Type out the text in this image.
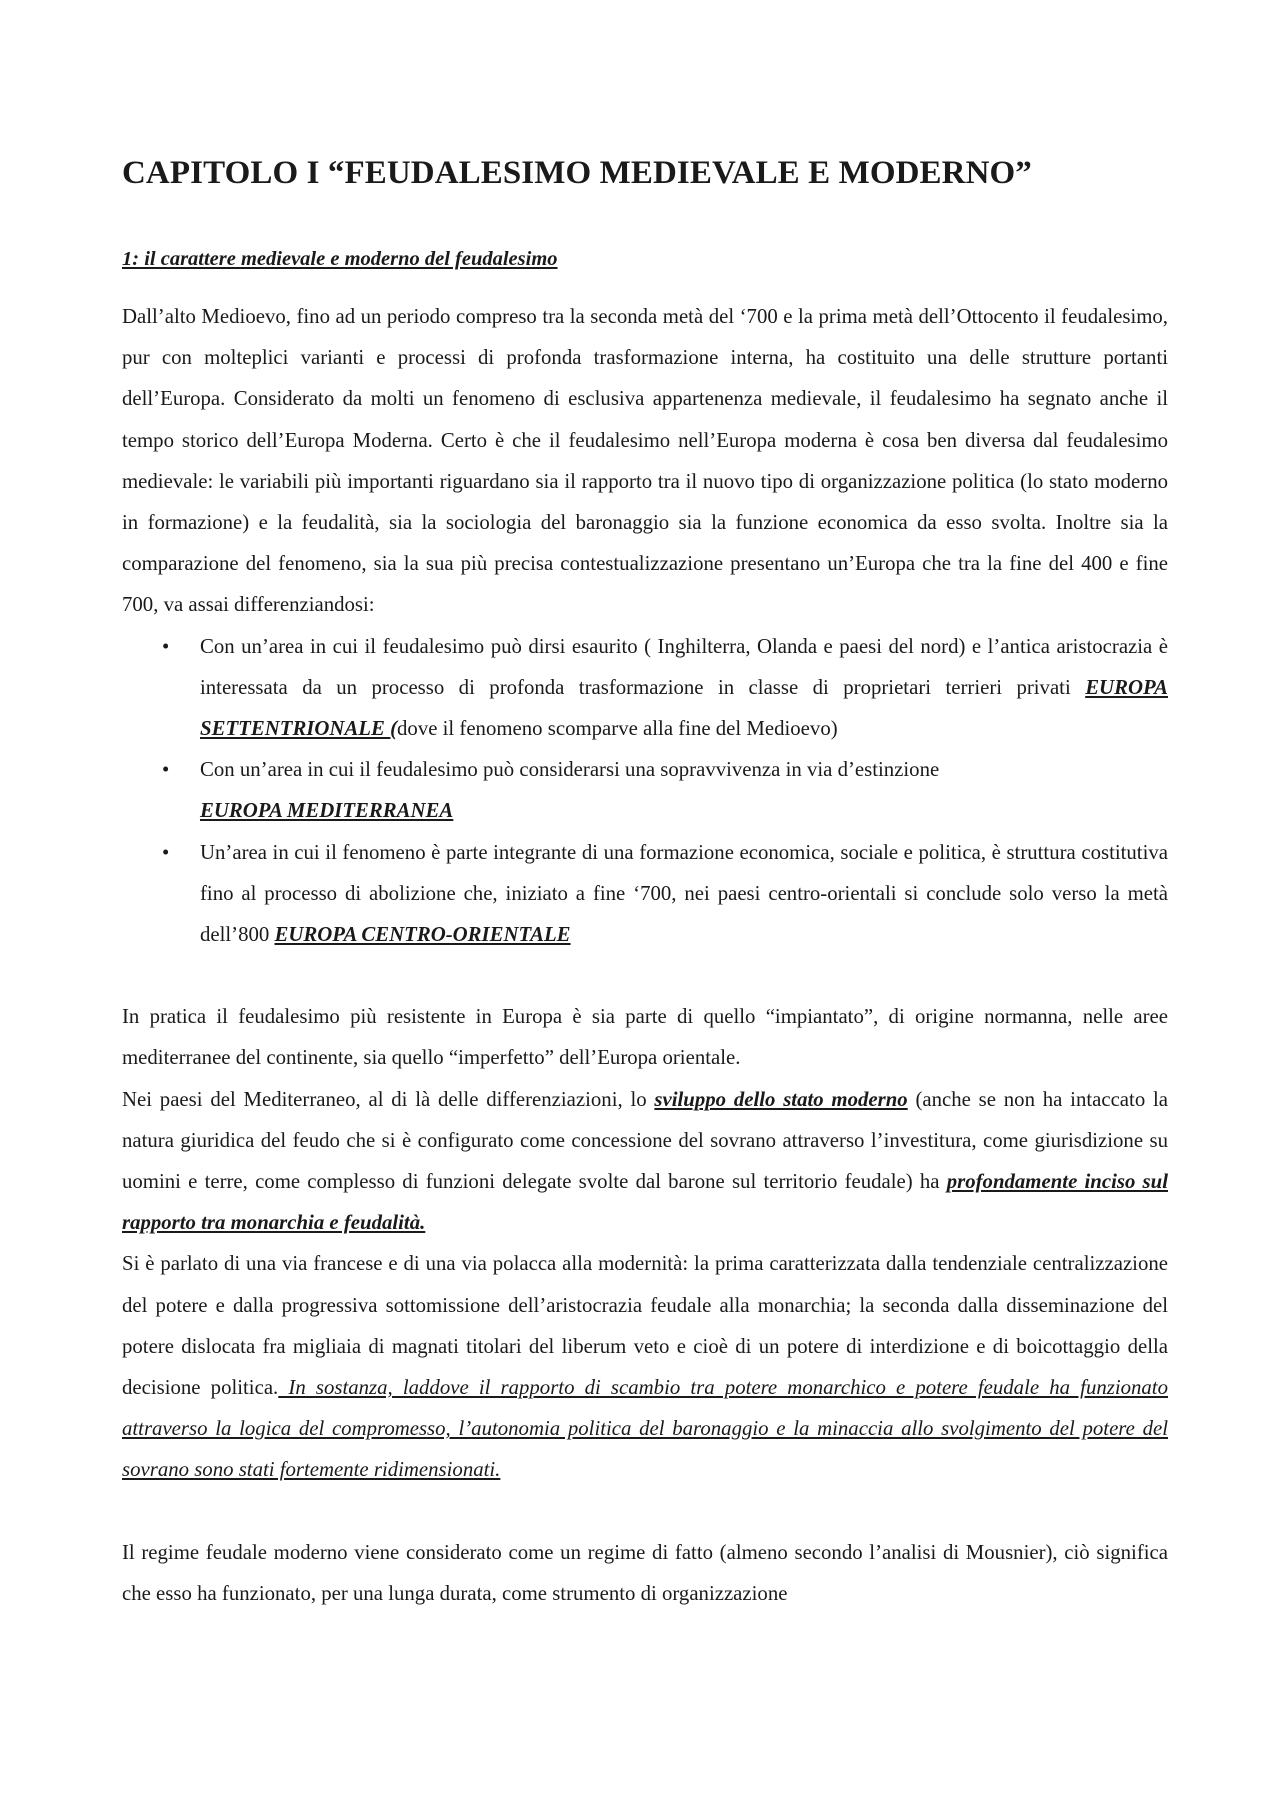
CAPITOLO I “FEUDALESIMO MEDIEVALE E MODERNO”

1: il carattere medievale e moderno del feudalesimo

Dall’alto Medioevo, fino ad un periodo compreso tra la seconda metà del ‘700 e la prima metà dell’Ottocento il feudalesimo, pur con molteplici varianti e processi di profonda trasformazione interna, ha costituito una delle strutture portanti dell’Europa. Considerato da molti un fenomeno di esclusiva appartenenza medievale, il feudalesimo ha segnato anche il tempo storico dell’Europa Moderna. Certo è che il feudalesimo nell’Europa moderna è cosa ben diversa dal feudalesimo medievale: le variabili più importanti riguardano sia il rapporto tra il nuovo tipo di organizzazione politica (lo stato moderno in formazione) e la feudalità, sia la sociologia del baronaggio sia la funzione economica da esso svolta. Inoltre sia la comparazione del fenomeno, sia la sua più precisa contestualizzazione presentano un’Europa che tra la fine del 400 e fine 700, va assai differenziandosi:

• Con un’area in cui il feudalesimo può dirsi esaurito ( Inghilterra, Olanda e paesi del nord) e l’antica aristocrazia è interessata da un processo di profonda trasformazione in classe di proprietari terrieri privati EUROPA SETTENTRIONALE (dove il fenomeno scomparve alla fine del Medioevo)
• Con un’area in cui il feudalesimo può considerarsi una sopravvivenza in via d’estinzione
EUROPA MEDITERRANEA
• Un’area in cui il fenomeno è parte integrante di una formazione economica, sociale e politica, è struttura costitutiva fino al processo di abolizione che, iniziato a fine ‘700, nei paesi centro-orientali si conclude solo verso la metà dell’800 EUROPA CENTRO-ORIENTALE

In pratica il feudalesimo più resistente in Europa è sia parte di quello “impiantato”, di origine normanna, nelle aree mediterranee del continente, sia quello “imperfetto” dell’Europa orientale.

Nei paesi del Mediterraneo, al di là delle differenziazioni, lo sviluppo dello stato moderno (anche se non ha intaccato la natura giuridica del feudo che si è configurato come concessione del sovrano attraverso l’investitura, come giurisdizione su uomini e terre, come complesso di funzioni delegate svolte dal barone sul territorio feudale) ha profondamente inciso sul rapporto tra monarchia e feudalità.

Si è parlato di una via francese e di una via polacca alla modernità: la prima caratterizzata dalla tendenziale centralizzazione del potere e dalla progressiva sottomissione dell’aristocrazia feudale alla monarchia; la seconda dalla disseminazione del potere dislocata fra migliaia di magnati titolari del liberum veto e cioè di un potere di interdizione e di boicottaggio della decisione politica. In sostanza, laddove il rapporto di scambio tra potere monarchico e potere feudale ha funzionato attraverso la logica del compromesso, l’autonomia politica del baronaggio e la minaccia allo svolgimento del potere del sovrano sono stati fortemente ridimensionati.

Il regime feudale moderno viene considerato come un regime di fatto (almeno secondo l’analisi di Mousnier), ciò significa che esso ha funzionato, per una lunga durata, come strumento di organizzazione
